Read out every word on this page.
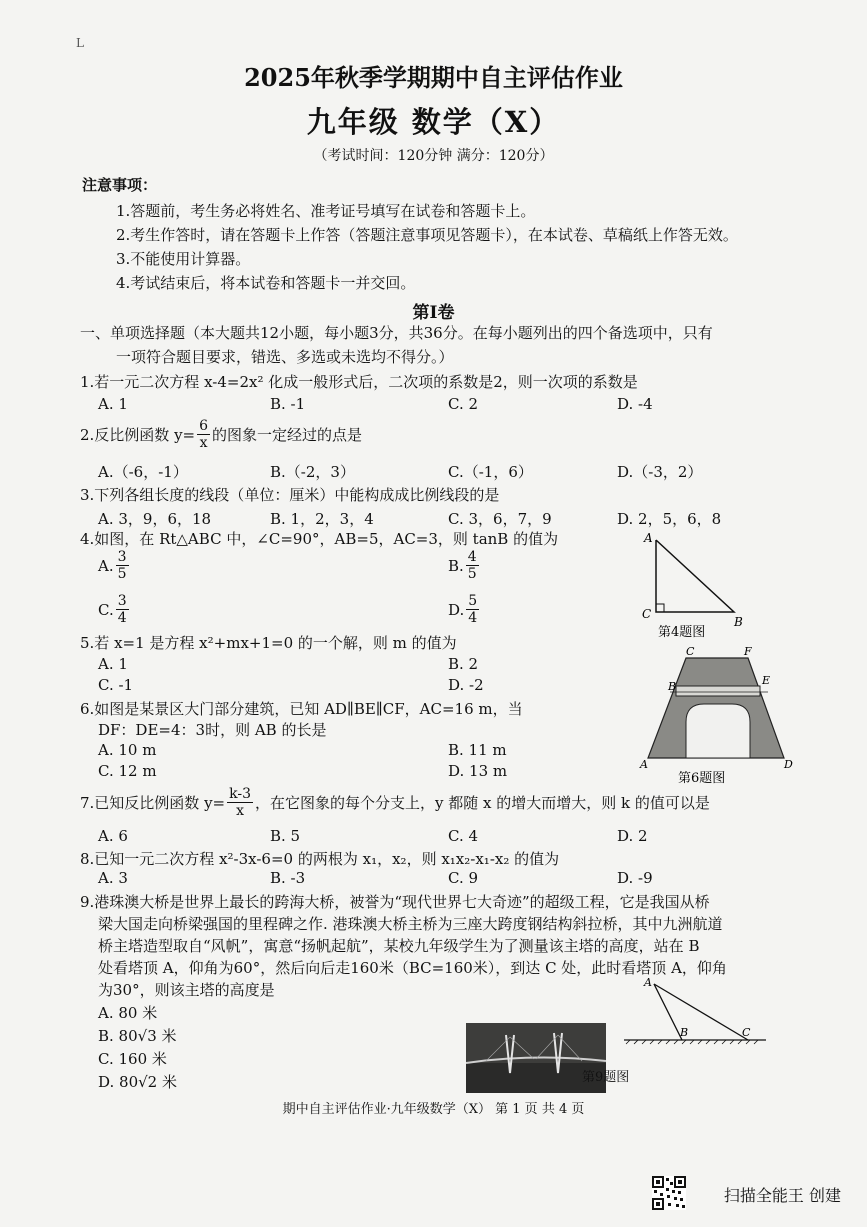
L
2025年秋季学期期中自主评估作业
九年级 数学（X）
（考试时间：120分钟 满分：120分）
注意事项：
1.答题前，考生务必将姓名、准考证号填写在试卷和答题卡上。
2.考生作答时，请在答题卡上作答（答题注意事项见答题卡），在本试卷、草稿纸上作答无效。
3.不能使用计算器。
4.考试结束后，将本试卷和答题卡一并交回。
第I卷
一、单项选择题（本大题共12小题，每小题3分，共36分。在每小题列出的四个备选项中，只有
一项符合题目要求，错选、多选或未选均不得分。）
1.若一元二次方程 x-4=2x² 化成一般形式后，二次项的系数是2，则一次项的系数是
A. 1	B. -1	C. 2	D. -4
2.反比例函数 $y= \frac{6}{x}$ 的图象一定经过的点是
A.（-6，-1）	B.（-2，3）	C.（-1，6）	D.（-3，2）
3.下列各组长度的线段（单位：厘米）中能构成成比例线段的是
A. 3，9，6，18	B. 1，2，3，4	C. 3，6，7，9	D. 2，5，6，8
4.如图，在 Rt△ABC 中，∠C=90°，AB=5，AC=3，则 tanB 的值为
A. $\frac{3}{5}$	B. $\frac{4}{5}$
C. $\frac{3}{4}$	D. $\frac{5}{4}$
A
C
B
第4题图
5.若 x=1 是方程 x²+mx+1=0 的一个解，则 m 的值为
A. 1	B. 2
C. -1	D. -2
6.如图是某景区大门部分建筑，已知 AD∥BE∥CF，AC=16 m，当
DF：DE=4：3时，则 AB 的长是
A. 10 m	B. 11 m
C. 12 m	D. 13 m
C	F
B	E
A	D
第6题图
7.已知反比例函数 $y= \frac{k-3}{x}$ ，在它图象的每个分支上，y 都随 x 的增大而增大，则 k 的值可以是
A. 6	B. 5	C. 4	D. 2
8.已知一元二次方程 x²-3x-6=0 的两根为 x₁，x₂，则 x₁x₂-x₁-x₂ 的值为
A. 3	B. -3	C. 9	D. -9
9.港珠澳大桥是世界上最长的跨海大桥，被誉为“现代世界七大奇迹”的超级工程，它是我国从桥
梁大国走向桥梁强国的里程碑之作. 港珠澳大桥主桥为三座大跨度钢结构斜拉桥，其中九洲航道
桥主塔造型取自“风帆”，寓意“扬帆起航”，某校九年级学生为了测量该主塔的高度，站在 B
处看塔顶 A，仰角为60°，然后向后走160米（BC=160米），到达 C 处，此时看塔顶 A，仰角
为30°，则该主塔的高度是
A. 80 米
B. 80√3 米
C. 160 米
D. 80√2 米
A
B	C
第9题图
期中自主评估作业·九年级数学（X） 第 1 页 共 4 页
扫描全能王 创建
